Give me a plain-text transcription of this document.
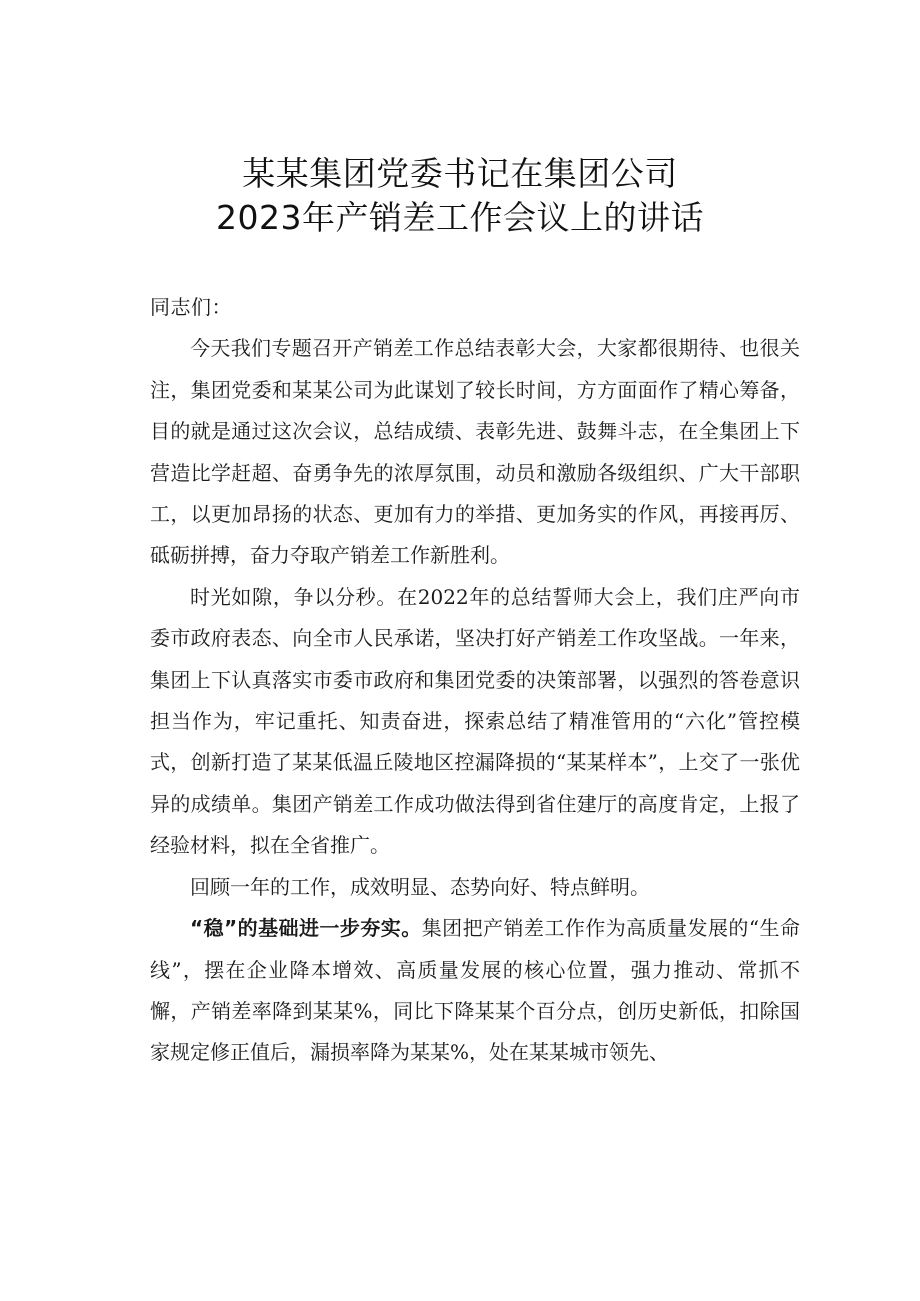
某某集团党委书记在集团公司
2023年产销差工作会议上的讲话

同志们：

今天我们专题召开产销差工作总结表彰大会，大家都很期待、也很关注，集团党委和某某公司为此谋划了较长时间，方方面面作了精心筹备，目的就是通过这次会议，总结成绩、表彰先进、鼓舞斗志，在全集团上下营造比学赶超、奋勇争先的浓厚氛围，动员和激励各级组织、广大干部职工，以更加昂扬的状态、更加有力的举措、更加务实的作风，再接再厉、砥砺拼搏，奋力夺取产销差工作新胜利。

时光如隙，争以分秒。在2022年的总结誓师大会上，我们庄严向市委市政府表态、向全市人民承诺，坚决打好产销差工作攻坚战。一年来，集团上下认真落实市委市政府和集团党委的决策部署，以强烈的答卷意识担当作为，牢记重托、知责奋进，探索总结了精准管用的“六化”管控模式，创新打造了某某低温丘陵地区控漏降损的“某某样本”，上交了一张优异的成绩单。集团产销差工作成功做法得到省住建厅的高度肯定，上报了经验材料，拟在全省推广。

回顾一年的工作，成效明显、态势向好、特点鲜明。

“稳”的基础进一步夯实。集团把产销差工作作为高质量发展的“生命线”，摆在企业降本增效、高质量发展的核心位置，强力推动、常抓不懈，产销差率降到某某%，同比下降某某个百分点，创历史新低，扣除国家规定修正值后，漏损率降为某某%，处在某某城市领先、
